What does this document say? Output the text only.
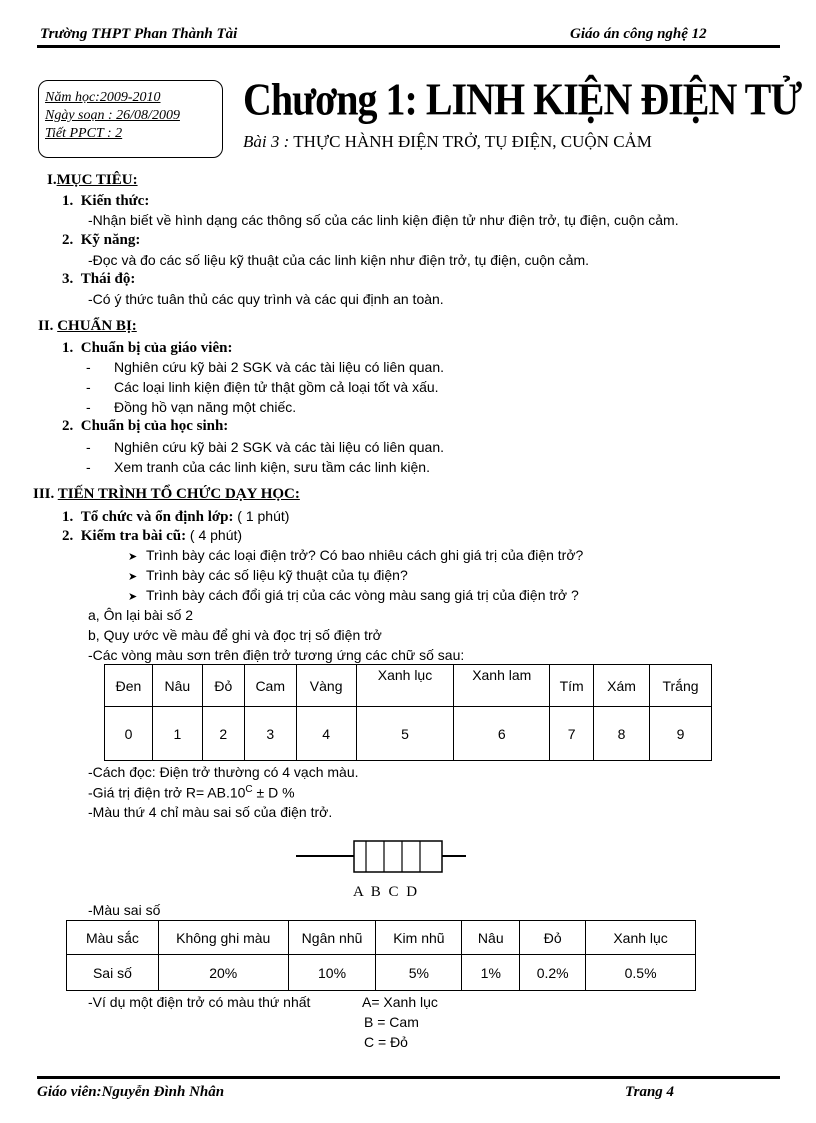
Trường THPT Phan Thành Tài	Giáo án công nghệ 12
Năm học:2009-2010
Ngày soạn : 26/08/2009
Tiết PPCT : 2
Chương 1: LINH KIỆN ĐIỆN TỬ
Bài 3 : THỰC HÀNH ĐIỆN TRỞ, TỤ ĐIỆN, CUỘN CẢM
I.MỤC TIÊU:
1. Kiến thức:
-Nhận biết về hình dạng các thông số của các linh kiện điện tử như điện trở, tụ điện, cuộn cảm.
2. Kỹ năng:
-Đọc và đo các số liệu kỹ thuật của các linh kiện như điện trở, tụ điện, cuộn cảm.
3. Thái độ:
-Có ý thức tuân thủ các quy trình và các qui định an toàn.
II. CHUẨN BỊ:
1. Chuẩn bị của giáo viên:
- Nghiên cứu kỹ bài 2 SGK và các tài liệu có liên quan.
- Các loại linh kiện điện tử thật gồm cả loại tốt và xấu.
- Đồng hồ vạn năng một chiếc.
2. Chuẩn bị của học sinh:
- Nghiên cứu kỹ bài 2 SGK và các tài liệu có liên quan.
- Xem tranh của các linh kiện, sưu tầm các linh kiện.
III. TIẾN TRÌNH TỔ CHỨC DẠY HỌC:
1. Tổ chức và ổn định lớp: ( 1 phút)
2. Kiểm tra bài cũ: ( 4 phút)
➤ Trình bày các loại điện trở? Có bao nhiêu cách ghi giá trị của điện trở?
➤ Trình bày các số liệu kỹ thuật của tụ điện?
➤ Trình bày cách đổi giá trị của các vòng màu sang giá trị của điện trở ?
a, Ôn lại bài số 2
b, Quy ước về màu để ghi và đọc trị số điện trở
-Các vòng màu sơn trên điện trở tương ứng các chữ số sau:
Đen	Nâu	Đỏ	Cam	Vàng	Xanh lục	Xanh lam	Tím	Xám	Trắng
0	1	2	3	4	5	6	7	8	9
-Cách đọc: Điện trở thường có 4 vạch màu.
-Giá trị điện trở $R= AB.10^C \pm D$ %
-Màu thứ 4 chỉ màu sai số của điện trở.
A B C D
-Màu sai số
Màu sắc	Không ghi màu	Ngân nhũ	Kim nhũ	Nâu	Đỏ	Xanh lục
Sai số	20%	10%	5%	1%	0.2%	0.5%
-Ví dụ một điện trở có màu thứ nhất	A= Xanh lục
B = Cam
C = Đỏ
Giáo viên:Nguyễn Đình Nhân	Trang 4
